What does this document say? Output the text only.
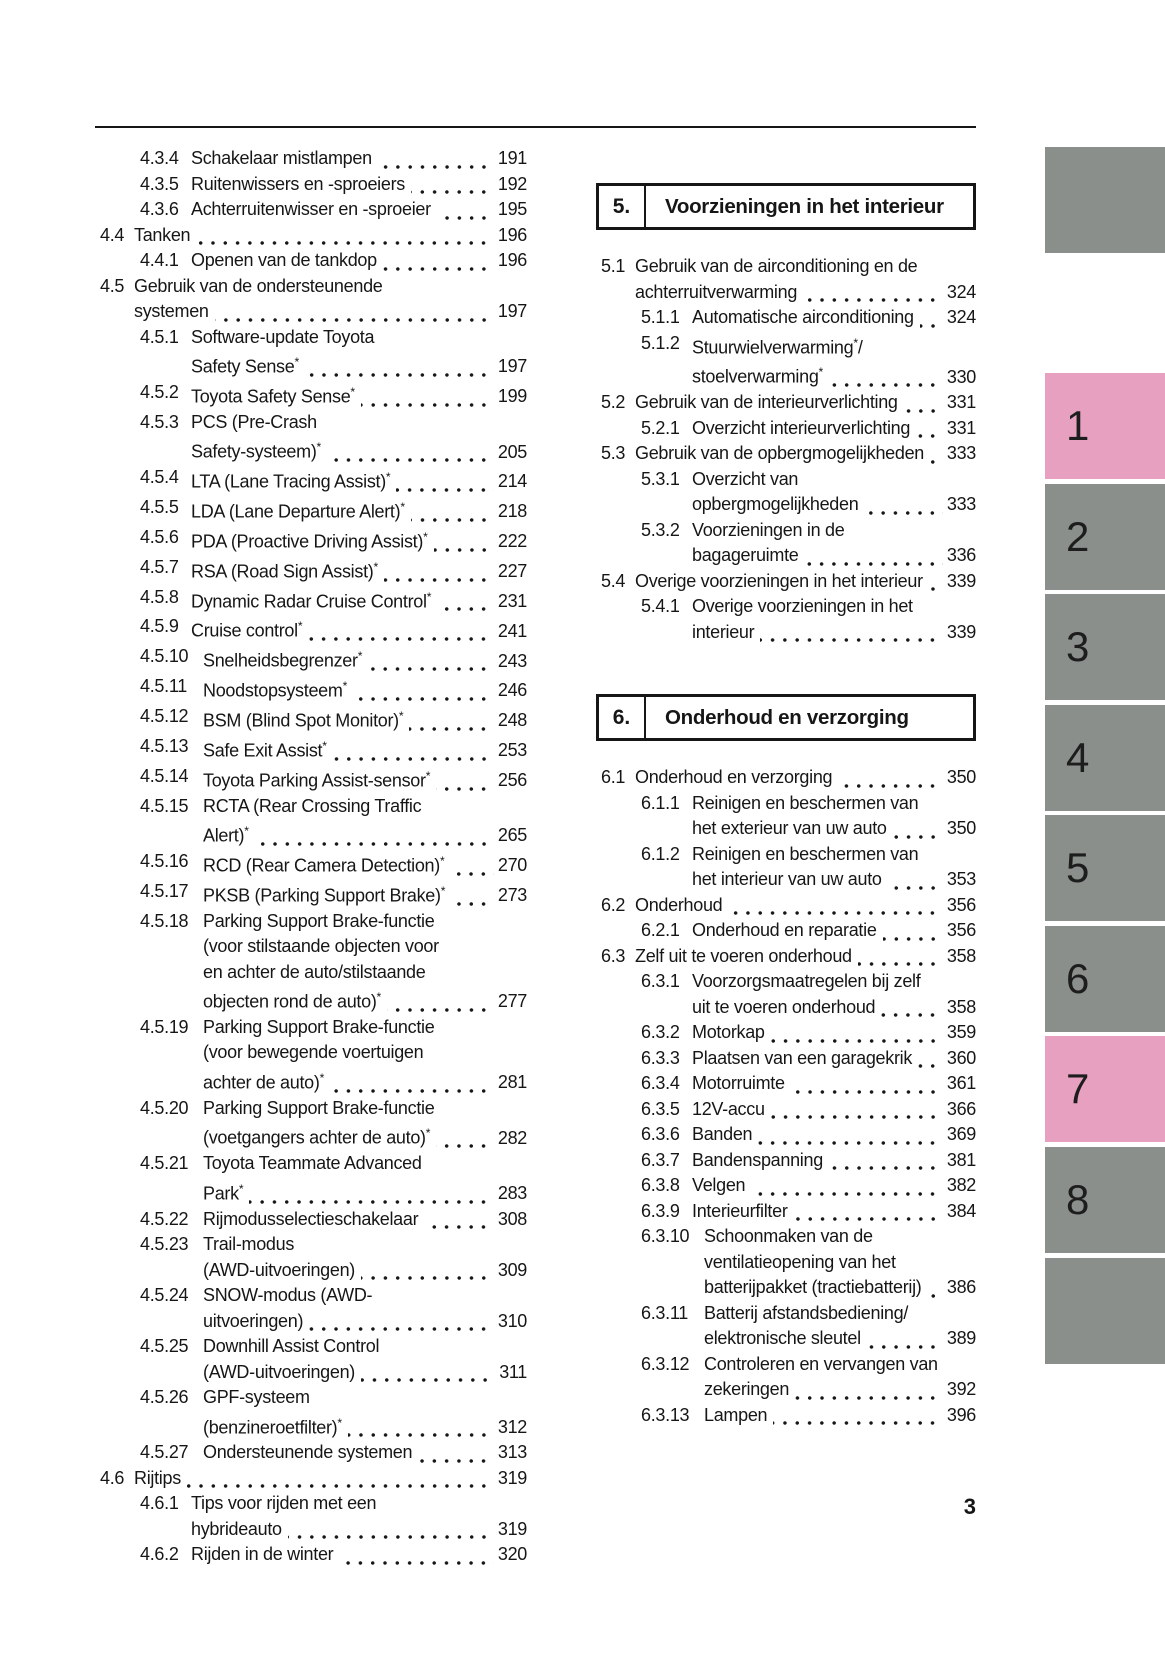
4.3.4 Schakelaar mistlampen	191
4.3.5 Ruitenwissers en -sproeiers	192
4.3.6 Achterruitenwisser en -sproeier	195
4.4 Tanken	196
4.4.1 Openen van de tankdop	196
4.5 Gebruik van de ondersteunende
systemen	197
4.5.1 Software-update Toyota
Safety Sense*	197
4.5.2 Toyota Safety Sense*	199
4.5.3 PCS (Pre-Crash
Safety-systeem)*	205
4.5.4 LTA (Lane Tracing Assist)*	214
4.5.5 LDA (Lane Departure Alert)*	218
4.5.6 PDA (Proactive Driving Assist)*	222
4.5.7 RSA (Road Sign Assist)*	227
4.5.8 Dynamic Radar Cruise Control*	231
4.5.9 Cruise control*	241
4.5.10 Snelheidsbegrenzer*	243
4.5.11 Noodstopsysteem*	246
4.5.12 BSM (Blind Spot Monitor)*	248
4.5.13 Safe Exit Assist*	253
4.5.14 Toyota Parking Assist-sensor*	256
4.5.15 RCTA (Rear Crossing Traffic
Alert)*	265
4.5.16 RCD (Rear Camera Detection)*	270
4.5.17 PKSB (Parking Support Brake)*	273
4.5.18 Parking Support Brake-functie
(voor stilstaande objecten voor
en achter de auto/stilstaande
objecten rond de auto)*	277
4.5.19 Parking Support Brake-functie
(voor bewegende voertuigen
achter de auto)*	281
4.5.20 Parking Support Brake-functie
(voetgangers achter de auto)*	282
4.5.21 Toyota Teammate Advanced
Park*	283
4.5.22 Rijmodusselectieschakelaar	308
4.5.23 Trail-modus
(AWD-uitvoeringen)	309
4.5.24 SNOW-modus (AWD-
uitvoeringen)	310
4.5.25 Downhill Assist Control
(AWD-uitvoeringen)	311
4.5.26 GPF-systeem
(benzineroetfilter)*	312
4.5.27 Ondersteunende systemen	313
4.6 Rijtips	319
4.6.1 Tips voor rijden met een
hybrideauto	319
4.6.2 Rijden in de winter	320
5.	Voorzieningen in het interieur
5.1 Gebruik van de airconditioning en de
achterruitverwarming	324
5.1.1 Automatische airconditioning 324
5.1.2 Stuurwielverwarming*/
stoelverwarming*	330
5.2 Gebruik van de interieurverlichting	331
5.2.1 Overzicht interieurverlichting 331
5.3 Gebruik van de opbergmogelijkheden 333
5.3.1 Overzicht van
opbergmogelijkheden	333
5.3.2 Voorzieningen in de
bagageruimte	336
5.4 Overige voorzieningen in het interieur 339
5.4.1 Overige voorzieningen in het
interieur	339
6.	Onderhoud en verzorging
6.1 Onderhoud en verzorging	350
6.1.1 Reinigen en beschermen van
het exterieur van uw auto	350
6.1.2 Reinigen en beschermen van
het interieur van uw auto	353
6.2 Onderhoud	356
6.2.1 Onderhoud en reparatie	356
6.3 Zelf uit te voeren onderhoud	358
6.3.1 Voorzorgsmaatregelen bij zelf
uit te voeren onderhoud	358
6.3.2 Motorkap	359
6.3.3 Plaatsen van een garagekrik 360
6.3.4 Motorruimte	361
6.3.5 12V-accu	366
6.3.6 Banden	369
6.3.7 Bandenspanning	381
6.3.8 Velgen	382
6.3.9 Interieurfilter	384
6.3.10 Schoonmaken van de
ventilatieopening van het
batterijpakket (tractiebatterij) 386
6.3.11 Batterij afstandsbediening/
elektronische sleutel	389
6.3.12 Controleren en vervangen van
zekeringen	392
6.3.13 Lampen	396
1
2
3
4
5
6
7
8
3
